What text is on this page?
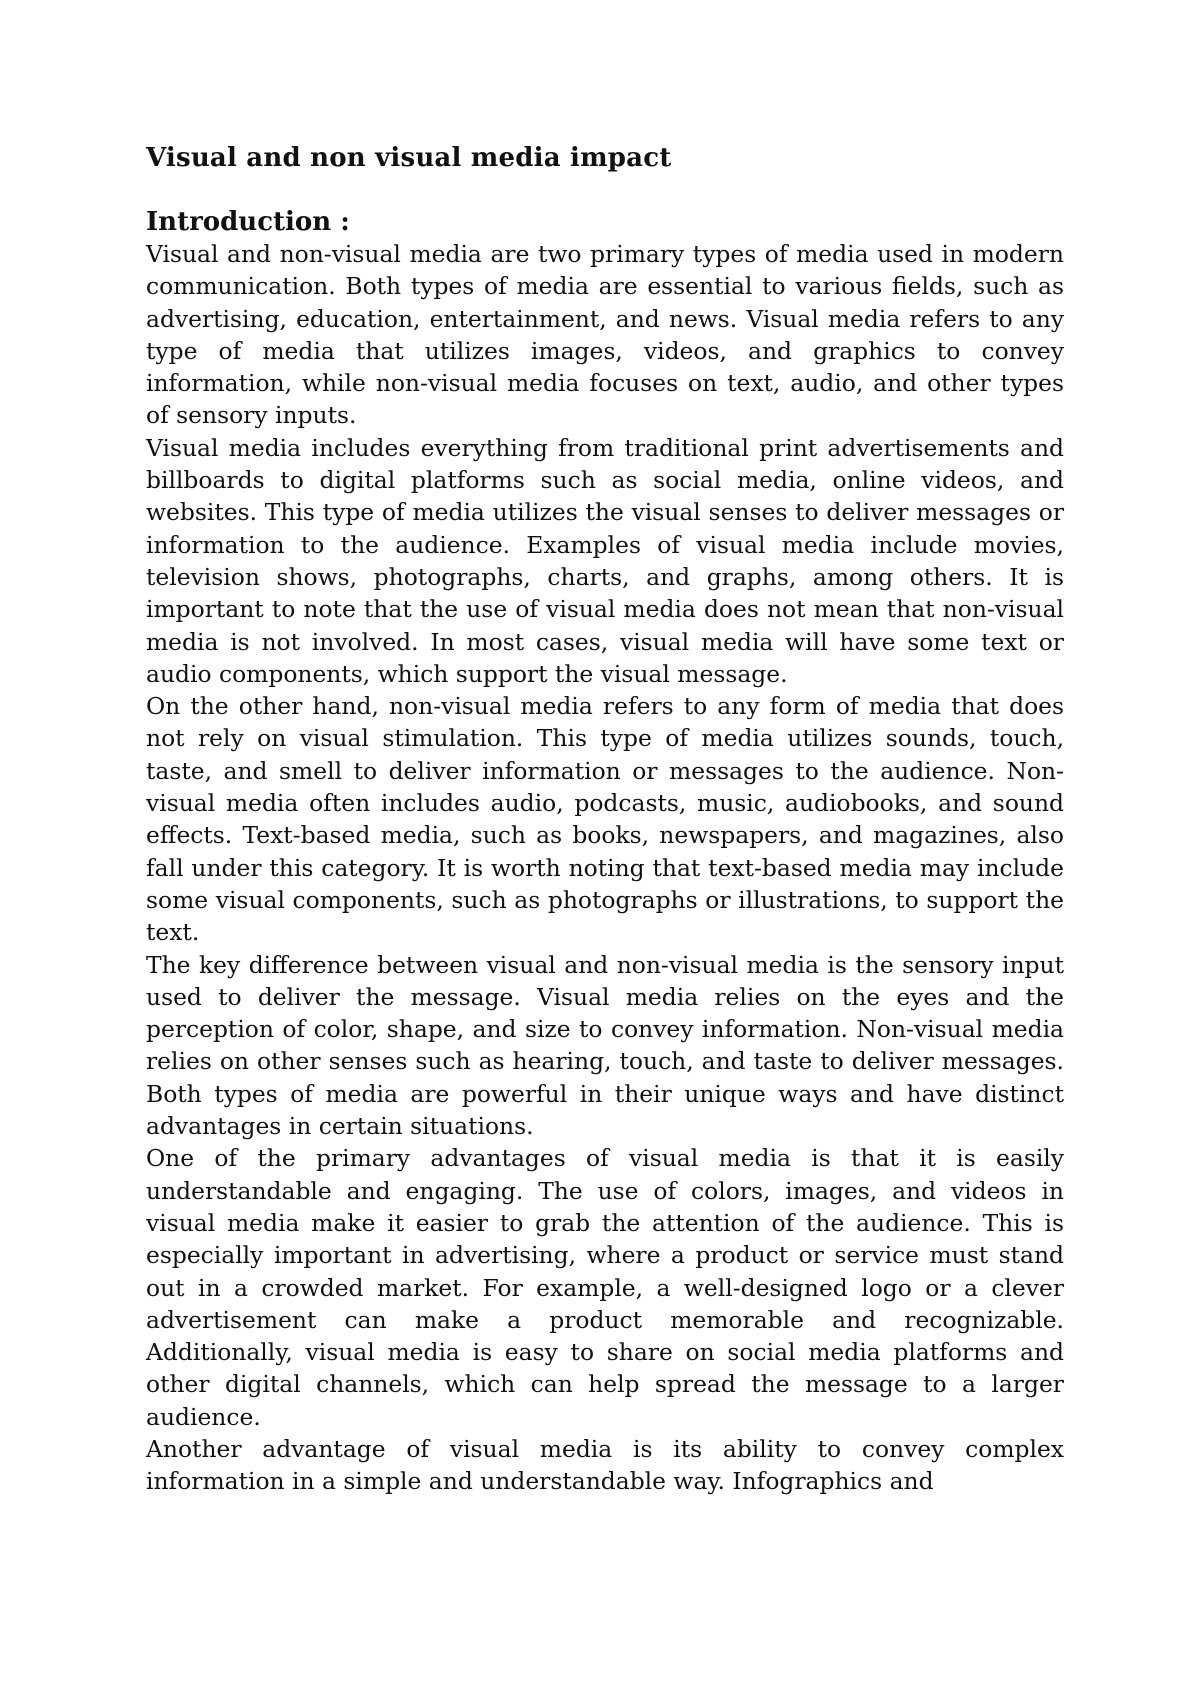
Visual and non visual media impact
Introduction :

Visual and non-visual media are two primary types of media used in modern communication. Both types of media are essential to various fields, such as advertising, education, entertainment, and news. Visual media refers to any type of media that utilizes images, videos, and graphics to convey information, while non-visual media focuses on text, audio, and other types of sensory inputs.

Visual media includes everything from traditional print advertisements and billboards to digital platforms such as social media, online videos, and websites. This type of media utilizes the visual senses to deliver messages or information to the audience. Examples of visual media include movies, television shows, photographs, charts, and graphs, among others. It is important to note that the use of visual media does not mean that non-visual media is not involved. In most cases, visual media will have some text or audio components, which support the visual message.

On the other hand, non-visual media refers to any form of media that does not rely on visual stimulation. This type of media utilizes sounds, touch, taste, and smell to deliver information or messages to the audience. Non-visual media often includes audio, podcasts, music, audiobooks, and sound effects. Text-based media, such as books, newspapers, and magazines, also fall under this category. It is worth noting that text-based media may include some visual components, such as photographs or illustrations, to support the text.

The key difference between visual and non-visual media is the sensory input used to deliver the message. Visual media relies on the eyes and the perception of color, shape, and size to convey information. Non-visual media relies on other senses such as hearing, touch, and taste to deliver messages. Both types of media are powerful in their unique ways and have distinct advantages in certain situations.

One of the primary advantages of visual media is that it is easily understandable and engaging. The use of colors, images, and videos in visual media make it easier to grab the attention of the audience. This is especially important in advertising, where a product or service must stand out in a crowded market. For example, a well-designed logo or a clever advertisement can make a product memorable and recognizable. Additionally, visual media is easy to share on social media platforms and other digital channels, which can help spread the message to a larger audience.

Another advantage of visual media is its ability to convey complex information in a simple and understandable way. Infographics and
